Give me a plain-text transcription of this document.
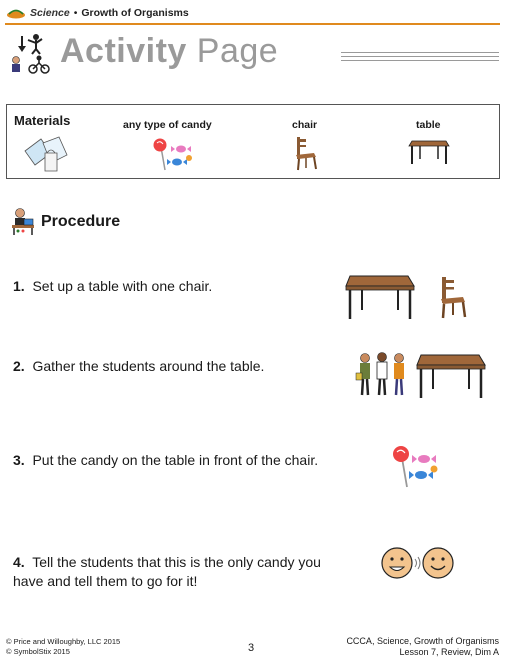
Science • Growth of Organisms
Activity Page
Materials	any type of candy	chair	table
Procedure
1. Set up a table with one chair.
2. Gather the students around the table.
3. Put the candy on the table in front of the chair.
4. Tell the students that this is the only candy you have and tell them to go for it!
© Price and Willoughby, LLC 2015
© SymbolStix 2015	3
CCCA, Science, Growth of Organisms
Lesson 7, Review, Dim A
